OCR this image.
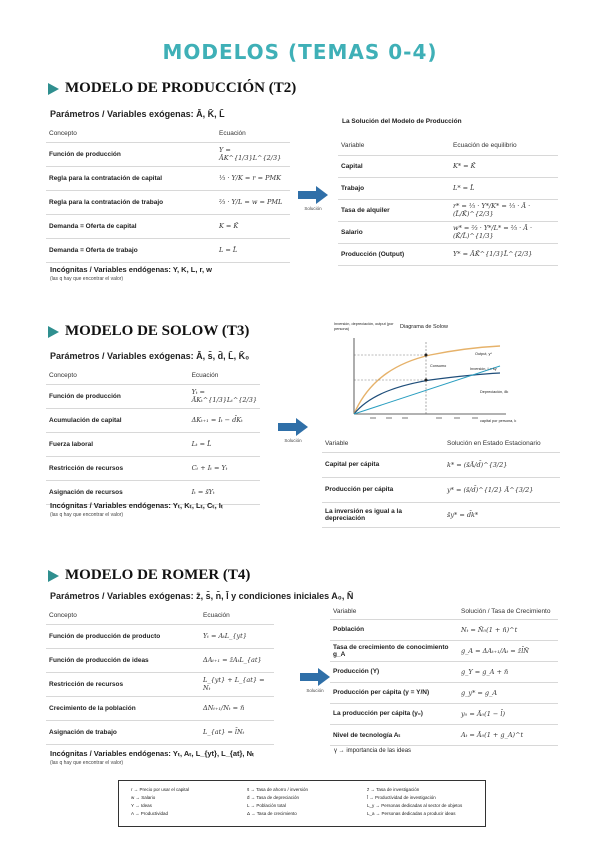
MODELOS (TEMAS 0-4)
MODELO DE PRODUCCIÓN (T2)
Parámetros / Variables exógenas: Ā, K̄, L̄
Concepto	Ecuación
Función de producción	Y = ĀK^{1/3}L^{2/3}
Regla para la contratación de capital	⅓ · Y/K = r = PMK
Regla para la contratación de trabajo	⅔ · Y/L = w = PML
Demanda = Oferta de capital	K = K̄
Demanda = Oferta de trabajo	L = L̄
Incógnitas / Variables endógenas: Y, K, L, r, w
(las q hay que encontrar el valor)
Solución
La Solución del Modelo de Producción
Variable	Ecuación de equilibrio
Capital	K* = K̄
Trabajo	L* = L̄
Tasa de alquiler	r* = ⅓ · Y*/K* = ⅓ · Ā · (L̄/K̄)^{2/3}
Salario	w* = ⅔ · Y*/L* = ⅔ · Ā · (K̄/L̄)^{1/3}
Producción (Output)	Y* = ĀK̄^{1/3}L̄^{2/3}
MODELO DE SOLOW (T3)
Parámetros / Variables exógenas: Ā, s̄, d̄, L̄, K̄₀
Concepto	Ecuación
Función de producción	Yₜ = ĀKₜ^{1/3}Lₜ^{2/3}
Acumulación de capital	ΔKₜ₊₁ = Iₜ − d̄Kₜ
Fuerza laboral	Lₜ = L̄
Restricción de recursos	Cₜ + Iₜ = Yₜ
Asignación de recursos	Iₜ = s̄Yₜ
Incógnitas / Variables endógenas: Yₜ, Kₜ, Lₜ, Cₜ, Iₜ
(las q hay que encontrar el valor)
Solución
Inversión, depreciación, output (por persona)	Diagrama de Solow
Output, y*
Inversión, I = s̄y
Depreciación, d̄k
Consumo
capital por persona, k
Variable	Solución en Estado Estacionario
Capital per cápita	k* = (s̄Ā/d̄)^{3/2}
Producción per cápita	y* = (s̄/d̄)^{1/2} Ā^{3/2}
La inversión es igual a la depreciación	s̄y* = d̄k*
MODELO DE ROMER (T4)
Parámetros / Variables exógenas: z̄, s̄, n̄, l̄ y condiciones iniciales A₀, N̄
Concepto	Ecuación
Función de producción de producto	Yₜ = AₜL_{yt}
Función de producción de ideas	ΔAₜ₊₁ = z̄AₜL_{at}
Restricción de recursos	L_{yt} + L_{at} = Nₜ
Crecimiento de la población	ΔNₜ₊₁/Nₜ = n̄
Asignación de trabajo	L_{at} = l̄Nₜ
Incógnitas / Variables endógenas: Yₜ, Aₜ, L_{yt}, L_{at}, Nₜ
(las q hay que encontrar el valor)
Solución
Variable	Solución / Tasa de Crecimiento
Población	Nₜ = N̄₀(1 + n̄)^t
Tasa de crecimiento de conocimiento g_A	g_A = ΔAₜ₊₁/Aₜ = z̄l̄N̄
Producción (Y)	g_Y = g_A + n̄
Producción per cápita (y = Y/N)	g_y* = g_A
La producción per cápita (y₀)	y₀ = Ā₀(1 − l̄)
Nivel de tecnología Aₜ	Aₜ = Ā₀(1 + g_A)^t
γ → importancia de las ideas
r → Precio por usar el capital
w → Salario
Y → Ideas
A → Productividad
s̄ → Tasa de ahorro / inversión
d̄ → Tasa de depreciación
L → Población total
Δ → Tasa de crecimiento
z̄ → Tasa de investigación
l̄ → Productividad de investigación
L_y → Personas dedicadas al sector de objetos
L_a → Personas dedicadas a producir ideas
